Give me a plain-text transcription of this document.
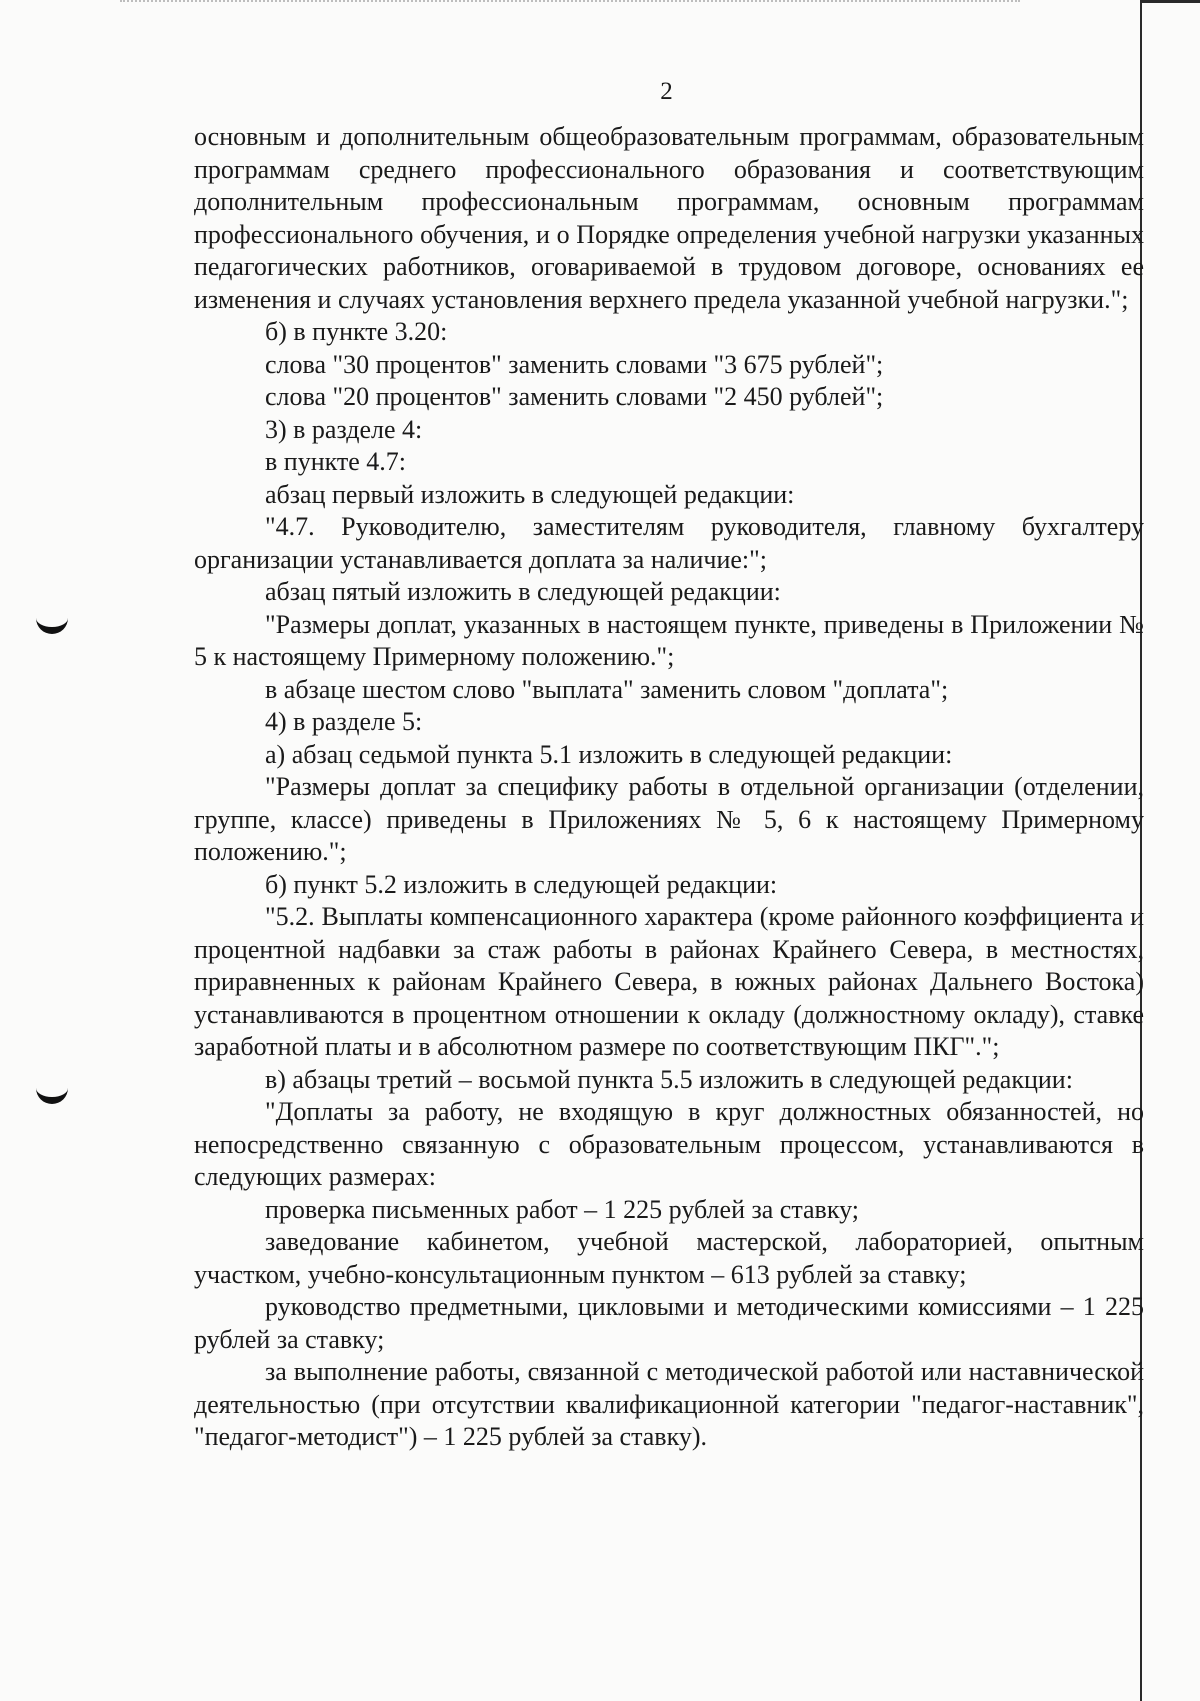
2

основным и дополнительным общеобразовательным программам, образовательным программам среднего профессионального образования и соответствующим дополнительным профессиональным программам, основным программам профессионального обучения, и о Порядке определения учебной нагрузки указанных педагогических работников, оговариваемой в трудовом договоре, основаниях ее изменения и случаях установления верхнего предела указанной учебной нагрузки.";

б) в пункте 3.20:

слова "30 процентов" заменить словами "3 675 рублей";

слова "20 процентов" заменить словами "2 450 рублей";

3) в разделе 4:

в пункте 4.7:

абзац первый изложить в следующей редакции:

"4.7. Руководителю, заместителям руководителя, главному бухгалтеру организации устанавливается доплата за наличие:";

абзац пятый изложить в следующей редакции:

"Размеры доплат, указанных в настоящем пункте, приведены в Приложении № 5 к настоящему Примерному положению.";

в абзаце шестом слово "выплата" заменить словом "доплата";

4) в разделе 5:

а) абзац седьмой пункта 5.1 изложить в следующей редакции:

"Размеры доплат за специфику работы в отдельной организации (отделении, группе, классе) приведены в Приложениях № 5, 6 к настоящему Примерному положению.";

б) пункт 5.2 изложить в следующей редакции:

"5.2. Выплаты компенсационного характера (кроме районного коэффициента и процентной надбавки за стаж работы в районах Крайнего Севера, в местностях, приравненных к районам Крайнего Севера, в южных районах Дальнего Востока) устанавливаются в процентном отношении к окладу (должностному окладу), ставке заработной платы и в абсолютном размере по соответствующим ПКГ".";

в) абзацы третий – восьмой пункта 5.5 изложить в следующей редакции:

"Доплаты за работу, не входящую в круг должностных обязанностей, но непосредственно связанную с образовательным процессом, устанавливаются в следующих размерах:

проверка письменных работ – 1 225 рублей за ставку;

заведование кабинетом, учебной мастерской, лабораторией, опытным участком, учебно-консультационным пунктом – 613 рублей за ставку;

руководство предметными, цикловыми и методическими комиссиями – 1 225 рублей за ставку;

за выполнение работы, связанной с методической работой или наставнической деятельностью (при отсутствии квалификационной категории "педагог-наставник", "педагог-методист") – 1 225 рублей за ставку).
